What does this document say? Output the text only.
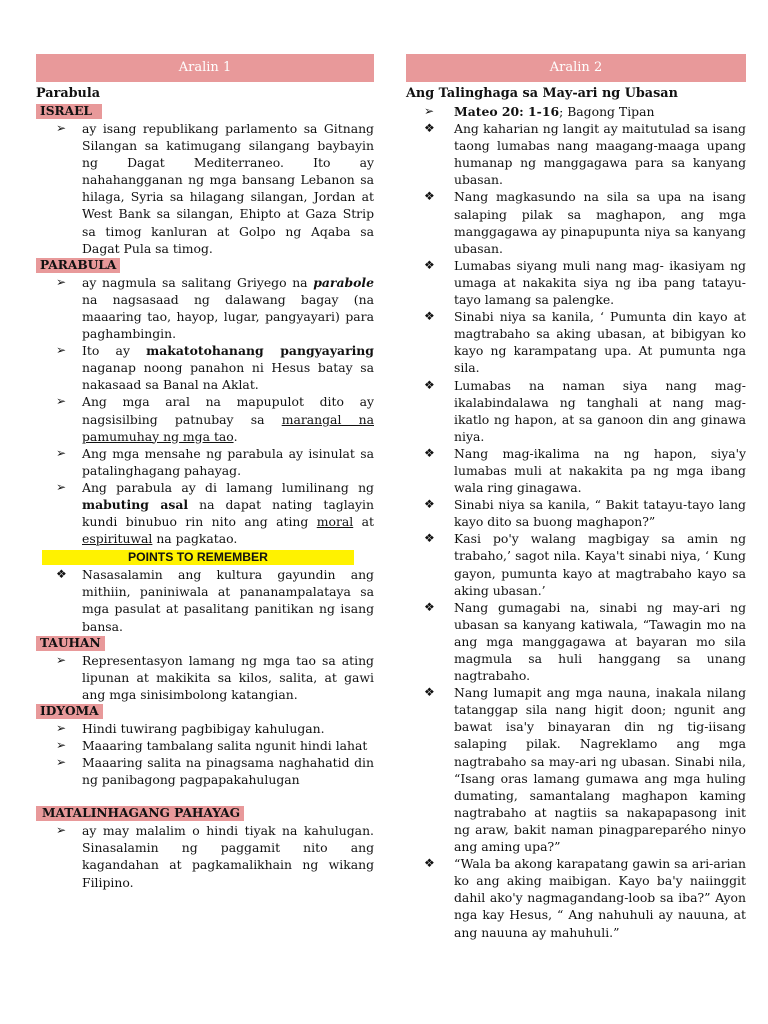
Aralin 1
Parabula
ISRAEL
➢ ay isang republikang parlamento sa Gitnang Silangan sa katimugang silangang baybayin ng Dagat Mediterraneo. Ito ay nahahangganan ng mga bansang Lebanon sa hilaga, Syria sa hilagang silangan, Jordan at West Bank sa silangan, Ehipto at Gaza Strip sa timog kanluran at Golpo ng Aqaba sa Dagat Pula sa timog.
PARABULA
➢ ay nagmula sa salitang Griyego na parabole na nagsasaad ng dalawang bagay (na maaaring tao, hayop, lugar, pangyayari) para paghambingin.
➢ Ito ay makatotohanang pangyayaring naganap noong panahon ni Hesus batay sa nakasaad sa Banal na Aklat.
➢ Ang mga aral na mapupulot dito ay nagsisilbing patnubay sa marangal na pamumuhay ng mga tao.
➢ Ang mga mensahe ng parabula ay isinulat sa patalinghagang pahayag.
➢ Ang parabula ay di lamang lumilinang ng mabuting asal na dapat nating taglayin kundi binubuo rin nito ang ating moral at espirituwal na pagkatao.
POINTS TO REMEMBER
❖ Nasasalamin ang kultura gayundin ang mithiin, paniniwala at pananampalataya sa mga pasulat at pasalitang panitikan ng isang bansa.
TAUHAN
➢ Representasyon lamang ng mga tao sa ating lipunan at makikita sa kilos, salita, at gawi ang mga sinisimbolong katangian.
IDYOMA
➢ Hindi tuwirang pagbibigay kahulugan.
➢ Maaaring tambalang salita ngunit hindi lahat
➢ Maaaring salita na pinagsama naghahatid din ng panibagong pagpapakahulugan
MATALINHAGANG PAHAYAG
➢ ay may malalim o hindi tiyak na kahulugan. Sinasalamin ng paggamit nito ang kagandahan at pagkamalikhain ng wikang Filipino.
Aralin 2
Ang Talinghaga sa May-ari ng Ubasan
➢ Mateo 20: 1-16; Bagong Tipan
❖ Ang kaharian ng langit ay maitutulad sa isang taong lumabas nang maagang-maaga upang humanap ng manggagawa para sa kanyang ubasan.
❖ Nang magkasundo na sila sa upa na isang salaping pilak sa maghapon, ang mga manggagawa ay pinapupunta niya sa kanyang ubasan.
❖ Lumabas siyang muli nang mag- ikasiyam ng umaga at nakakita siya ng iba pang tatayu-tayo lamang sa palengke.
❖ Sinabi niya sa kanila, ‘ Pumunta din kayo at magtrabaho sa aking ubasan, at bibigyan ko kayo ng karampatang upa. At pumunta nga sila.
❖ Lumabas na naman siya nang mag-ikalabindalawa ng tanghali at nang mag-ikatlo ng hapon, at sa ganoon din ang ginawa niya.
❖ Nang mag-ikalima na ng hapon, siya'y lumabas muli at nakakita pa ng mga ibang wala ring ginagawa.
❖ Sinabi niya sa kanila, “ Bakit tatayu-tayo lang kayo dito sa buong maghapon?”
❖ Kasi po'y walang magbigay sa amin ng trabaho,’ sagot nila. Kaya't sinabi niya, ‘ Kung gayon, pumunta kayo at magtrabaho kayo sa aking ubasan.’
❖ Nang gumagabi na, sinabi ng may-ari ng ubasan sa kanyang katiwala, “Tawagin mo na ang mga manggagawa at bayaran mo sila magmula sa huli hanggang sa unang nagtrabaho.
❖ Nang lumapit ang mga nauna, inakala nilang tatanggap sila nang higit doon; ngunit ang bawat isa'y binayaran din ng tig-iisang salaping pilak. Nagreklamo ang mga nagtrabaho sa may-ari ng ubasan. Sinabi nila, “Isang oras lamang gumawa ang mga huling dumating, samantalang maghapon kaming nagtrabaho at nagtiis sa nakapapasong init ng araw, bakit naman pinagpareparého ninyo ang aming upa?”
❖ “Wala ba akong karapatang gawin sa ari-arian ko ang aking maibigan. Kayo ba'y naiinggit dahil ako'y nagmagandang-loob sa iba?” Ayon nga kay Hesus, “ Ang nahuhuli ay nauuna, at ang nauuna ay mahuhuli.”
